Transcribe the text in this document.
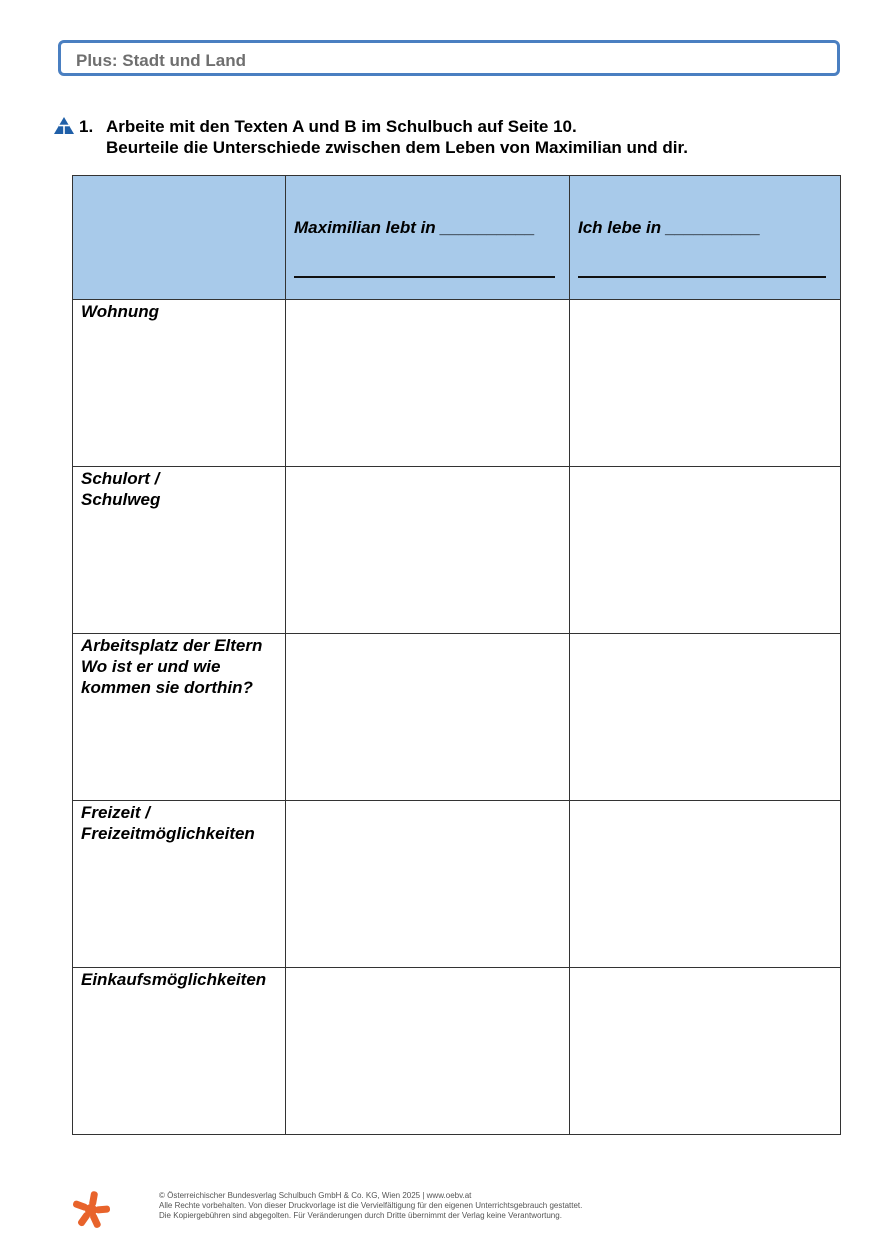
Plus: Stadt und Land
1. Arbeite mit den Texten A und B im Schulbuch auf Seite 10.
Beurteile die Unterschiede zwischen dem Leben von Maximilian und dir.

	Maximilian lebt in __________	Ich lebe in __________

Wohnung		

Schulort /
Schulweg		

Arbeitsplatz der Eltern
Wo ist er und wie
kommen sie dorthin?		

Freizeit /
Freizeitmöglichkeiten		

Einkaufsmöglichkeiten		

© Österreichischer Bundesverlag Schulbuch GmbH & Co. KG, Wien 2025 | www.oebv.at
Alle Rechte vorbehalten. Von dieser Druckvorlage ist die Vervielfältigung für den eigenen Unterrichtsgebrauch gestattet.
Die Kopiergebühren sind abgegolten. Für Veränderungen durch Dritte übernimmt der Verlag keine Verantwortung.
